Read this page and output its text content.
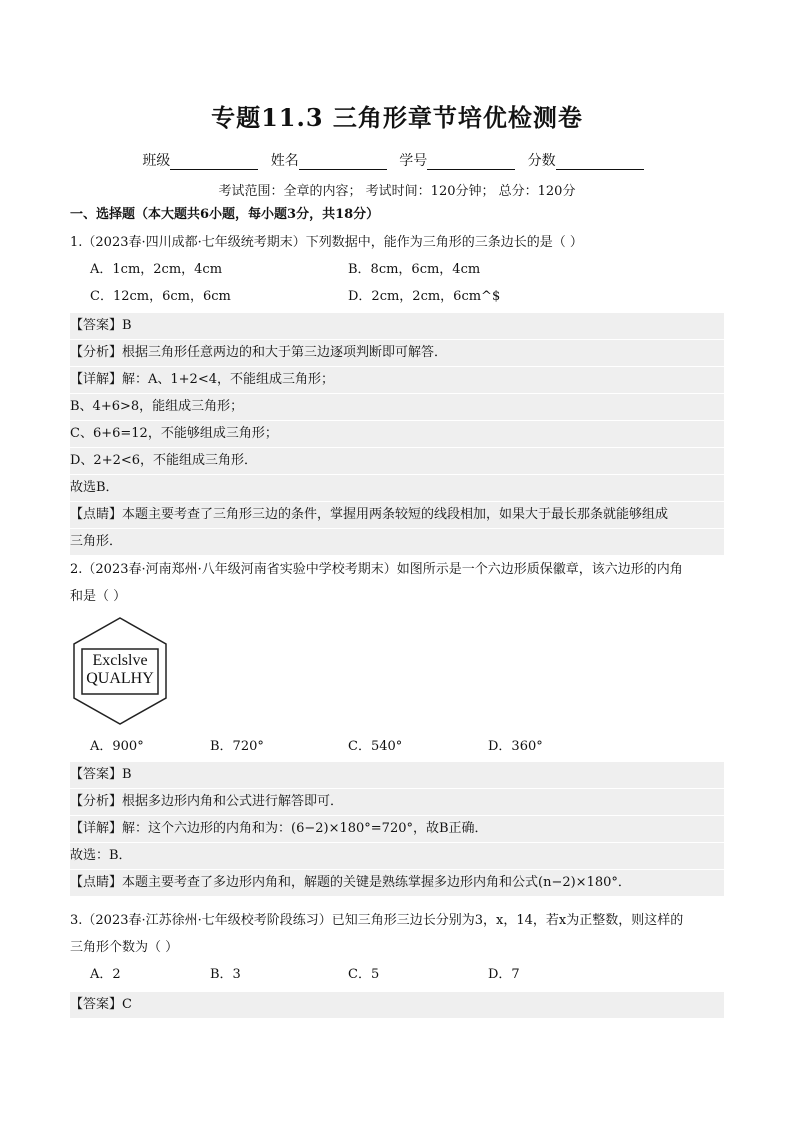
专题11.3 三角形章节培优检测卷
班级	姓名	学号	分数
考试范围：全章的内容； 考试时间：120分钟； 总分：120分
一、选择题（本大题共6小题，每小题3分，共18分）
1.（2023春·四川成都·七年级统考期末）下列数据中，能作为三角形的三条边长的是（ ）
A．1cm，2cm，4cm	B．8cm，6cm，4cm
C．12cm，6cm，6cm	D．2cm，2cm，6cm^$
【答案】B
【分析】根据三角形任意两边的和大于第三边逐项判断即可解答．
【详解】解：A、1+2<4，不能组成三角形；
B、4+6>8，能组成三角形；
C、6+6=12，不能够组成三角形；
D、2+2<6，不能组成三角形．
故选B．
【点睛】本题主要考查了三角形三边的条件，掌握用两条较短的线段相加，如果大于最长那条就能够组成
三角形．
2.（2023春·河南郑州·八年级河南省实验中学校考期末）如图所示是一个六边形质保徽章，该六边形的内角
和是（ ）
Exclslve
QUALHY
A．900°	B．720°	C．540°	D．360°
【答案】B
【分析】根据多边形内角和公式进行解答即可．
【详解】解：这个六边形的内角和为：(6−2)×180°=720°，故B正确．
故选：B．
【点睛】本题主要考查了多边形内角和，解题的关键是熟练掌握多边形内角和公式(n−2)×180°．
3.（2023春·江苏徐州·七年级校考阶段练习）已知三角形三边长分别为3，x，14，若x为正整数，则这样的
三角形个数为（ ）
A．2	B．3	C．5	D．7
【答案】C
